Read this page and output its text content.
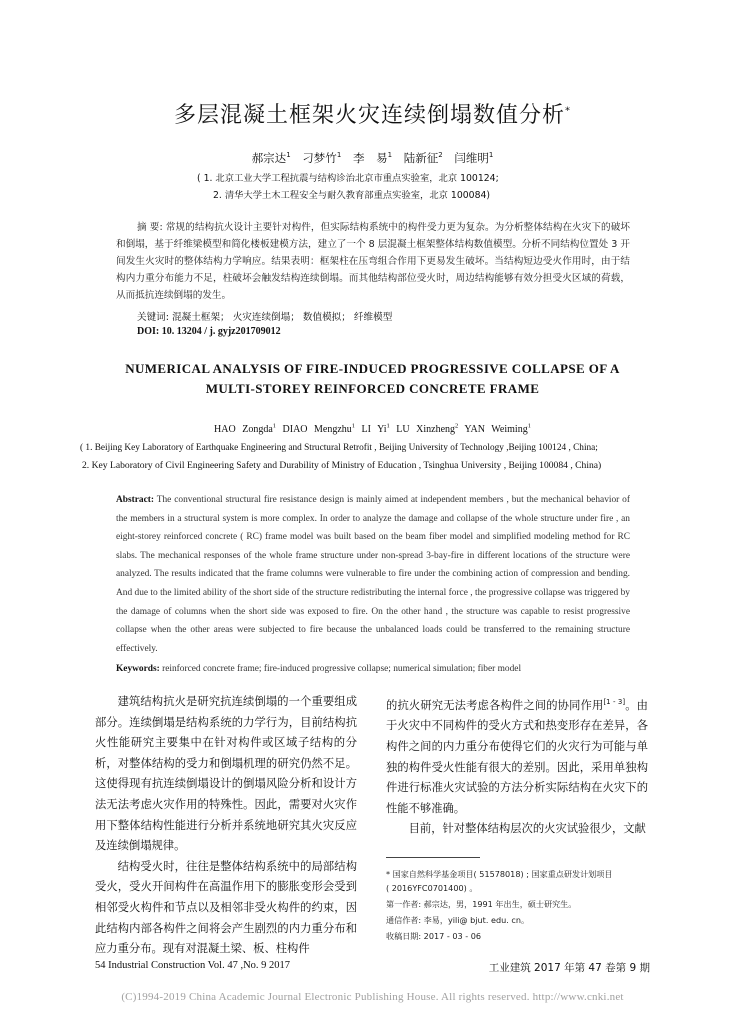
多层混凝土框架火灾连续倒塌数值分析*
郝宗达$^1$ 刁梦竹$^1$ 李 易$^1$ 陆新征$^2$ 闫维明$^1$
( 1. 北京工业大学工程抗震与结构诊治北京市重点实验室，北京 100124;
2. 清华大学土木工程安全与耐久教育部重点实验室，北京 100084)
摘 要: 常规的结构抗火设计主要针对构件，但实际结构系统中的构件受力更为复杂。为分析整体结构在火灾下的破坏和倒塌，基于纤维梁模型和简化楼板建模方法，建立了一个 8 层混凝土框架整体结构数值模型。分析不同结构位置处 3 开间发生火灾时的整体结构力学响应。结果表明：框架柱在压弯组合作用下更易发生破坏。当结构短边受火作用时，由于结构内力重分布能力不足，柱破坏会触发结构连续倒塌。而其他结构部位受火时，周边结构能够有效分担受火区域的荷载，从而抵抗连续倒塌的发生。
关键词: 混凝土框架； 火灾连续倒塌； 数值模拟； 纤维模型
DOI: 10. 13204 / j. gyjz201709012
NUMERICAL ANALYSIS OF FIRE-INDUCED PROGRESSIVE COLLAPSE OF A
MULTI-STOREY REINFORCED CONCRETE FRAME
HAO Zongda$^1$ DIAO Mengzhu$^1$ LI Yi$^1$ LU Xinzheng$^2$ YAN Weiming$^1$
( 1. Beijing Key Laboratory of Earthquake Engineering and Structural Retrofit , Beijing University of Technology ,Beijing 100124 , China;
2. Key Laboratory of Civil Engineering Safety and Durability of Ministry of Education , Tsinghua University , Beijing 100084 , China)
Abstract: The conventional structural fire resistance design is mainly aimed at independent members , but the mechanical behavior of the members in a structural system is more complex. In order to analyze the damage and collapse of the whole structure under fire , an eight-storey reinforced concrete ( RC) frame model was built based on the beam fiber model and simplified modeling method for RC slabs. The mechanical responses of the whole frame structure under non-spread 3-bay-fire in different locations of the structure were analyzed. The results indicated that the frame columns were vulnerable to fire under the combining action of compression and bending. And due to the limited ability of the short side of the structure redistributing the internal force , the progressive collapse was triggered by the damage of columns when the short side was exposed to fire. On the other hand , the structure was capable to resist progressive collapse when the other areas were subjected to fire because the unbalanced loads could be transferred to the remaining structure effectively.
Keywords: reinforced concrete frame; fire-induced progressive collapse; numerical simulation; fiber model

建筑结构抗火是研究抗连续倒塌的一个重要组成部分。连续倒塌是结构系统的力学行为，目前结构抗火性能研究主要集中在针对构件或区域子结构的分析，对整体结构的受力和倒塌机理的研究仍然不足。这使得现有抗连续倒塌设计的倒塌风险分析和设计方法无法考虑火灾作用的特殊性。因此，需要对火灾作用下整体结构性能进行分析并系统地研究其火灾反应及连续倒塌规律。

结构受火时，往往是整体结构系统中的局部结构受火，受火开间构件在高温作用下的膨胀变形会受到相邻受火构件和节点以及相邻非受火构件的约束，因此结构内部各构件之间将会产生剧烈的内力重分布和应力重分布。现有对混凝土梁、板、柱构件

的抗火研究无法考虑各构件之间的协同作用[1 - 3]。由于火灾中不同构件的受火方式和热变形存在差异，各构件之间的内力重分布使得它们的火灾行为可能与单独的构件受火性能有很大的差别。因此，采用单独构件进行标准火灾试验的方法分析实际结构在火灾下的性能不够准确。

目前，针对整体结构层次的火灾试验很少，文献

* 国家自然科学基金项目( 51578018) ; 国家重点研发计划项目
( 2016YFC0701400) 。
第一作者: 郝宗达，男，1991 年出生，硕士研究生。
通信作者: 李易，yili@ bjut. edu. cn。
收稿日期: 2017 - 03 - 06
54 Industrial Construction Vol. 47 ,No. 9 2017	工业建筑 2017 年第 47 卷第 9 期
(C)1994-2019 China Academic Journal Electronic Publishing House. All rights reserved. http://www.cnki.net
